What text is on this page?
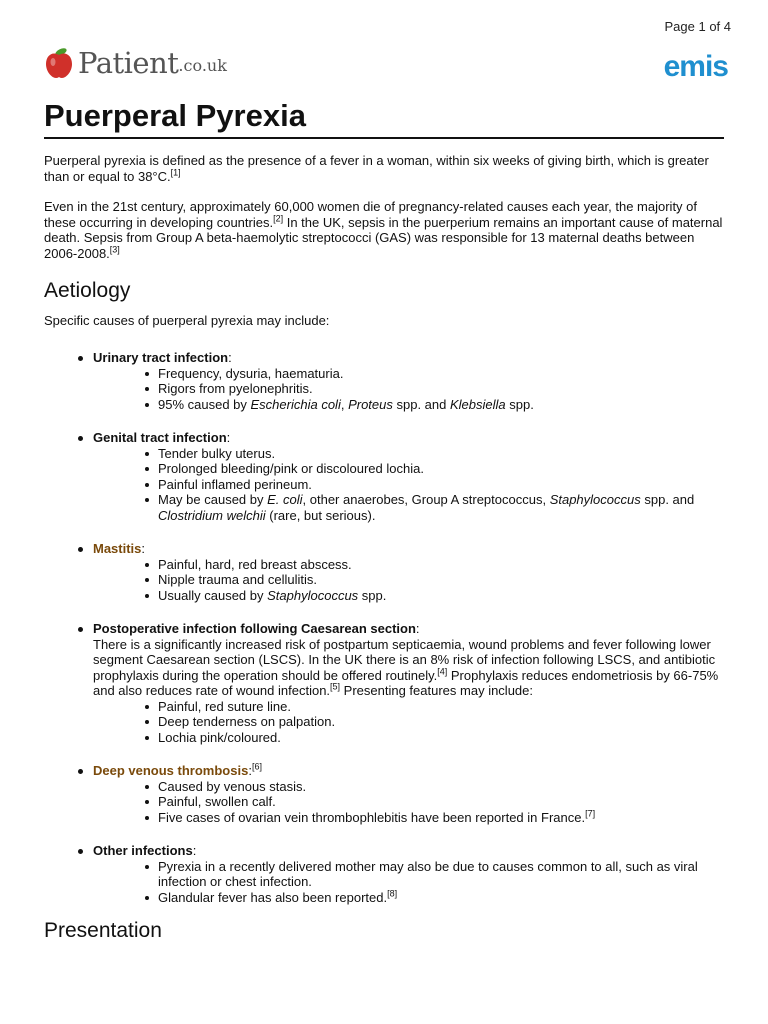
Page 1 of 4
Patient .co.uk	emis
Puerperal Pyrexia

Puerperal pyrexia is defined as the presence of a fever in a woman, within six weeks of giving birth, which is greater than or equal to 38°C.[1]

Even in the 21st century, approximately 60,000 women die of pregnancy-related causes each year, the majority of these occurring in developing countries.[2] In the UK, sepsis in the puerperium remains an important cause of maternal death. Sepsis from Group A beta-haemolytic streptococci (GAS) was responsible for 13 maternal deaths between 2006-2008.[3]

Aetiology

Specific causes of puerperal pyrexia may include:

Urinary tract infection:
Frequency, dysuria, haematuria.
Rigors from pyelonephritis.
95% caused by Escherichia coli, Proteus spp. and Klebsiella spp.
Genital tract infection:
Tender bulky uterus.
Prolonged bleeding/pink or discoloured lochia.
Painful inflamed perineum.
May be caused by E. coli, other anaerobes, Group A streptococcus, Staphylococcus spp. and Clostridium welchii (rare, but serious).
Mastitis:
Painful, hard, red breast abscess.
Nipple trauma and cellulitis.
Usually caused by Staphylococcus spp.
Postoperative infection following Caesarean section:
There is a significantly increased risk of postpartum septicaemia, wound problems and fever following lower segment Caesarean section (LSCS). In the UK there is an 8% risk of infection following LSCS, and antibiotic prophylaxis during the operation should be offered routinely.[4] Prophylaxis reduces endometriosis by 66-75% and also reduces rate of wound infection.[5] Presenting features may include:
Painful, red suture line.
Deep tenderness on palpation.
Lochia pink/coloured.
Deep venous thrombosis:[6]
Caused by venous stasis.
Painful, swollen calf.
Five cases of ovarian vein thrombophlebitis have been reported in France.[7]
Other infections:
Pyrexia in a recently delivered mother may also be due to causes common to all, such as viral infection or chest infection.
Glandular fever has also been reported.[8]
Presentation
